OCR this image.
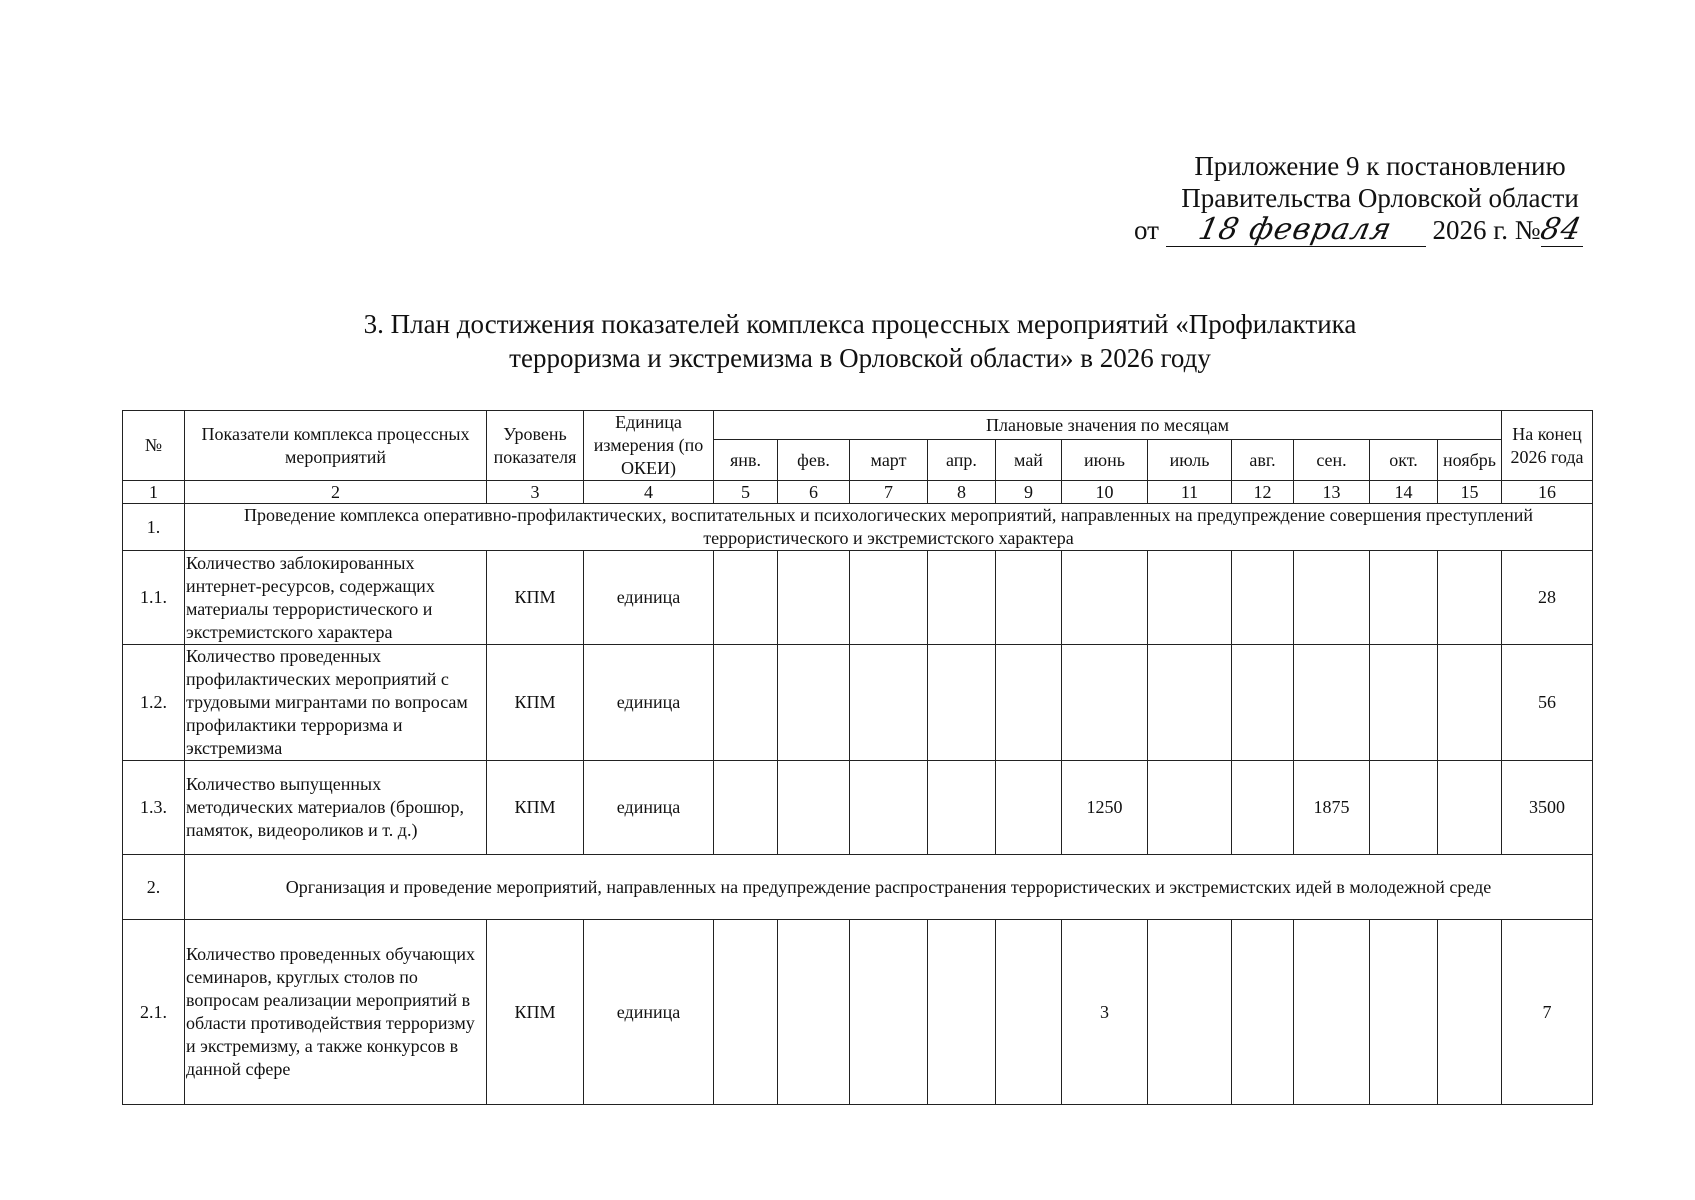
Приложение 9 к постановлению
Правительства Орловской области
от 18 февраля 2026 г. №84
3. План достижения показателей комплекса процессных мероприятий «Профилактика
терроризма и экстремизма в Орловской области» в 2026 году
№	Показатели комплекса процессных мероприятий	Уровень показателя	Единица измерения (по ОКЕИ)	Плановые значения по месяцам											На конец 2026 года
				янв.	фев.	март	апр.	май	июнь	июль	авг.	сен.	окт.	ноябрь	
1	2	3	4	5	6	7	8	9	10	11	12	13	14	15	16
1.	Проведение комплекса оперативно-профилактических, воспитательных и психологических мероприятий, направленных на предупреждение совершения преступлений террористического и экстремистского характера														
1.1.	Количество заблокированных интернет-ресурсов, содержащих материалы террористического и экстремистского характера	КПМ	единица												28
1.2.	Количество проведенных профилактических мероприятий с трудовыми мигрантами по вопросам профилактики терроризма и экстремизма	КПМ	единица												56
1.3.	Количество выпущенных методических материалов (брошюр, памяток, видеороликов и т. д.)	КПМ	единица						1250			1875			3500
2.	Организация и проведение мероприятий, направленных на предупреждение распространения террористических и экстремистских идей в молодежной среде														
2.1.	Количество проведенных обучающих семинаров, круглых столов по вопросам реализации мероприятий в области противодействия терроризму и экстремизму, а также конкурсов в данной сфере	КПМ	единица						3						7
